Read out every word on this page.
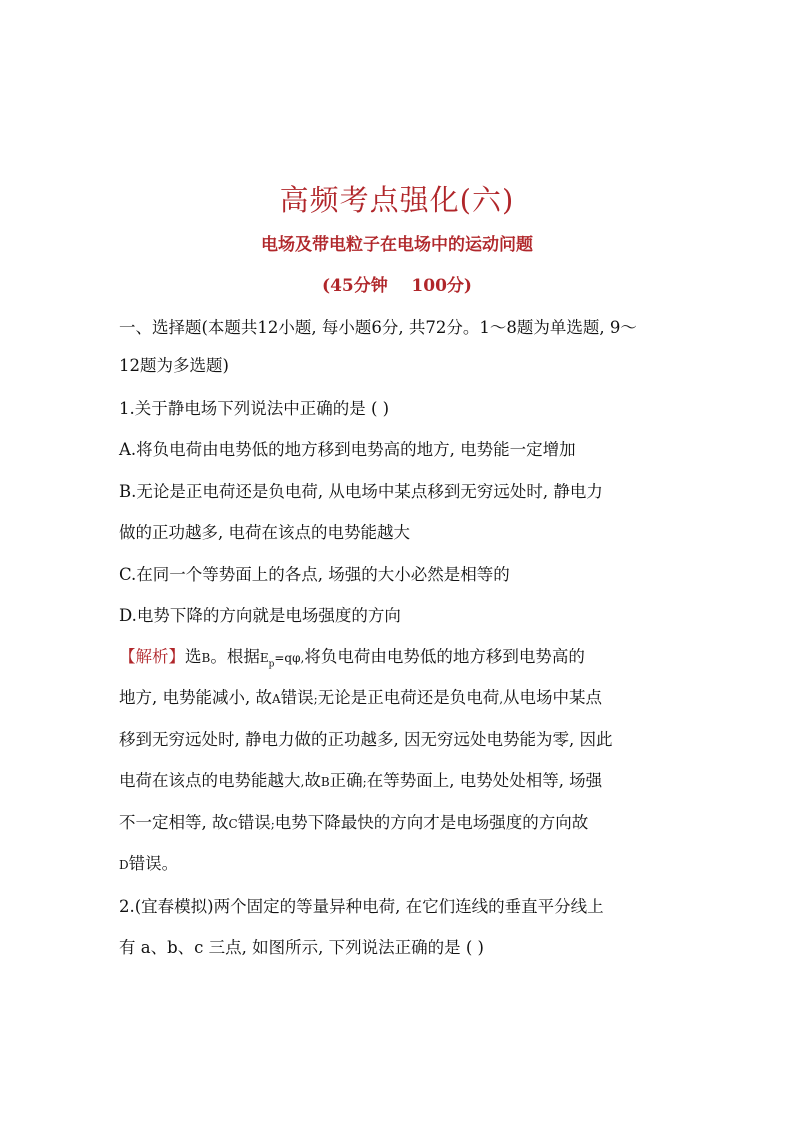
高频考点强化(六)
电场及带电粒子在电场中的运动问题
(45分钟    100分)
一、选择题(本题共12小题, 每小题6分, 共72分。1～8题为单选题, 9～
12题为多选题)
1.关于静电场下列说法中正确的是 ( )
A.将负电荷由电势低的地方移到电势高的地方, 电势能一定增加
B.无论是正电荷还是负电荷, 从电场中某点移到无穷远处时, 静电力
做的正功越多, 电荷在该点的电势能越大
C.在同一个等势面上的各点, 场强的大小必然是相等的
D.电势下降的方向就是电场强度的方向
【解析】选B。根据$E_p=q\varphi$,将负电荷由电势低的地方移到电势高的
地方, 电势能减小, 故A错误;无论是正电荷还是负电荷,从电场中某点
移到无穷远处时, 静电力做的正功越多, 因无穷远处电势能为零, 因此
电荷在该点的电势能越大,故B正确;在等势面上, 电势处处相等, 场强
不一定相等, 故C错误;电势下降最快的方向才是电场强度的方向故
D错误。
2.(宜春模拟)两个固定的等量异种电荷, 在它们连线的垂直平分线上
有 a、b、c 三点, 如图所示, 下列说法正确的是 ( )
